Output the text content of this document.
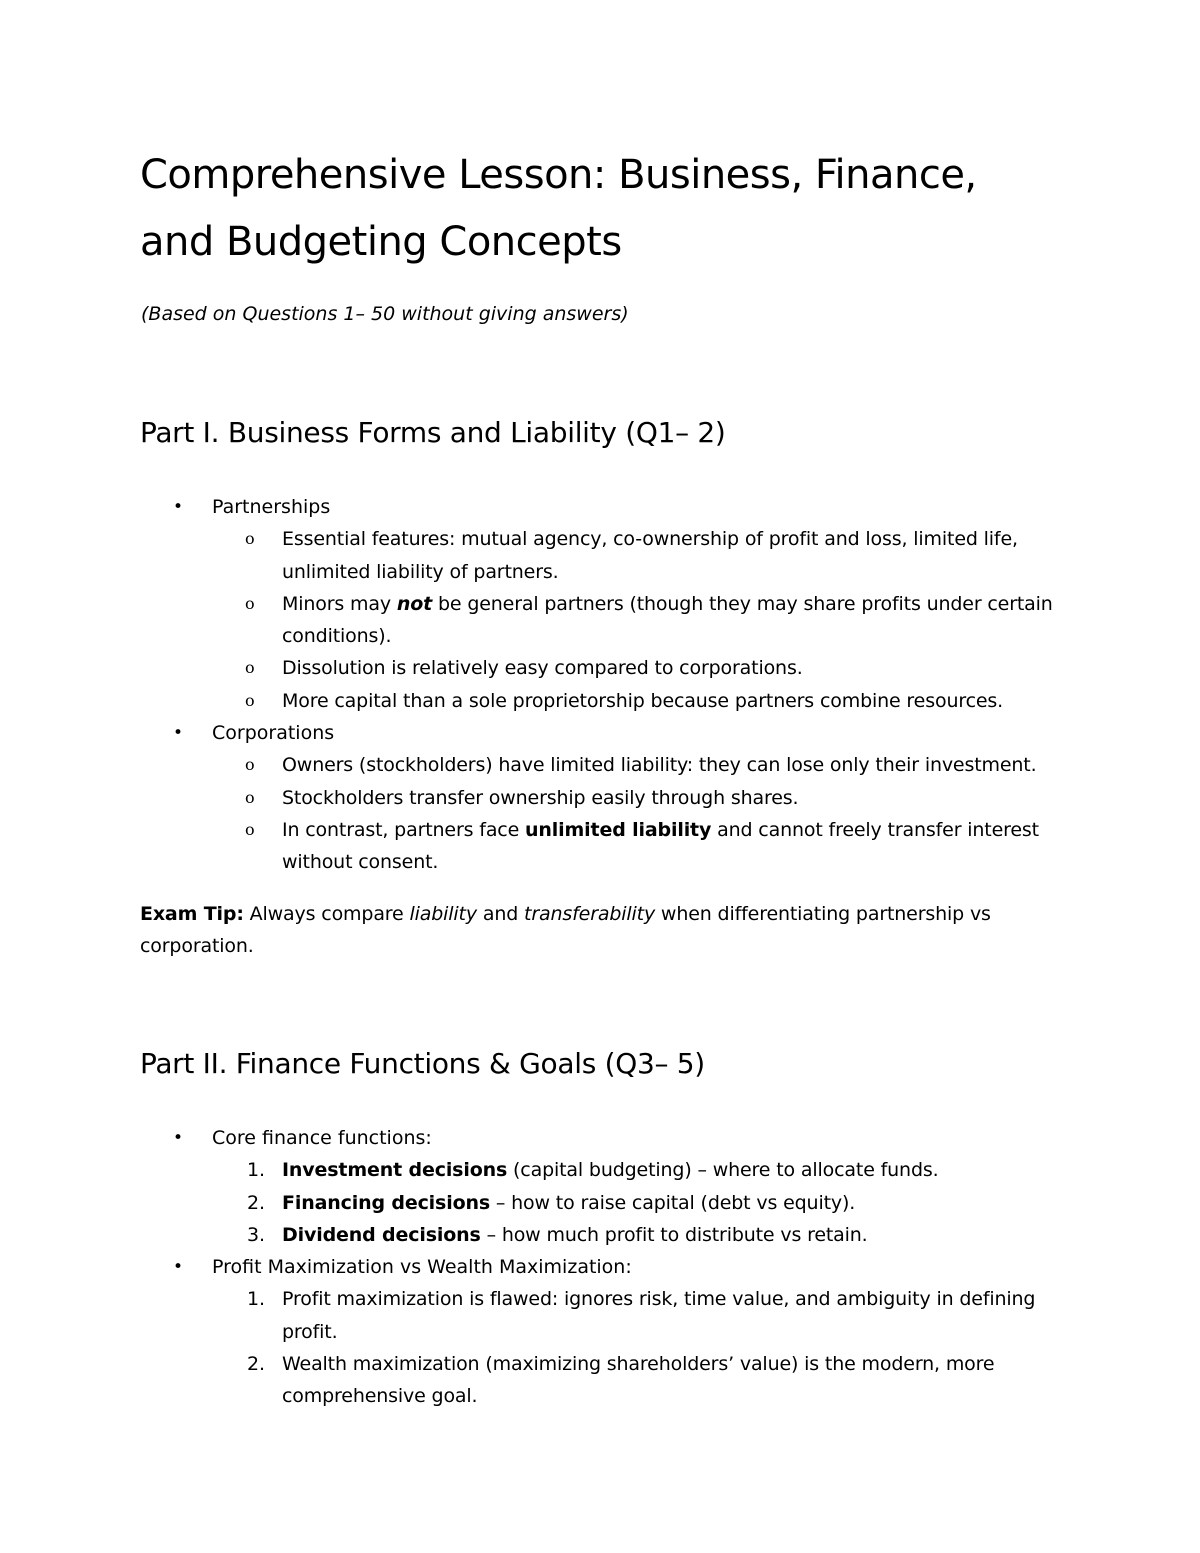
Comprehensive Lesson: Business, Finance, and Budgeting Concepts

(Based on Questions 1– 50 without giving answers)

Part I. Business Forms and Liability (Q1– 2)
• Partnerships
o Essential features: mutual agency, co-ownership of profit and loss, limited life, unlimited liability of partners.
o Minors may not be general partners (though they may share profits under certain conditions).
o Dissolution is relatively easy compared to corporations.
o More capital than a sole proprietorship because partners combine resources.
• Corporations
o Owners (stockholders) have limited liability: they can lose only their investment.
o Stockholders transfer ownership easily through shares.
o In contrast, partners face unlimited liability and cannot freely transfer interest without consent.

Exam Tip: Always compare liability and transferability when differentiating partnership vs corporation.

Part II. Finance Functions & Goals (Q3– 5)
• Core finance functions:
1. Investment decisions (capital budgeting) – where to allocate funds.
2. Financing decisions – how to raise capital (debt vs equity).
3. Dividend decisions – how much profit to distribute vs retain.
• Profit Maximization vs Wealth Maximization:
1. Profit maximization is flawed: ignores risk, time value, and ambiguity in defining profit.
2. Wealth maximization (maximizing shareholders’ value) is the modern, more comprehensive goal.
